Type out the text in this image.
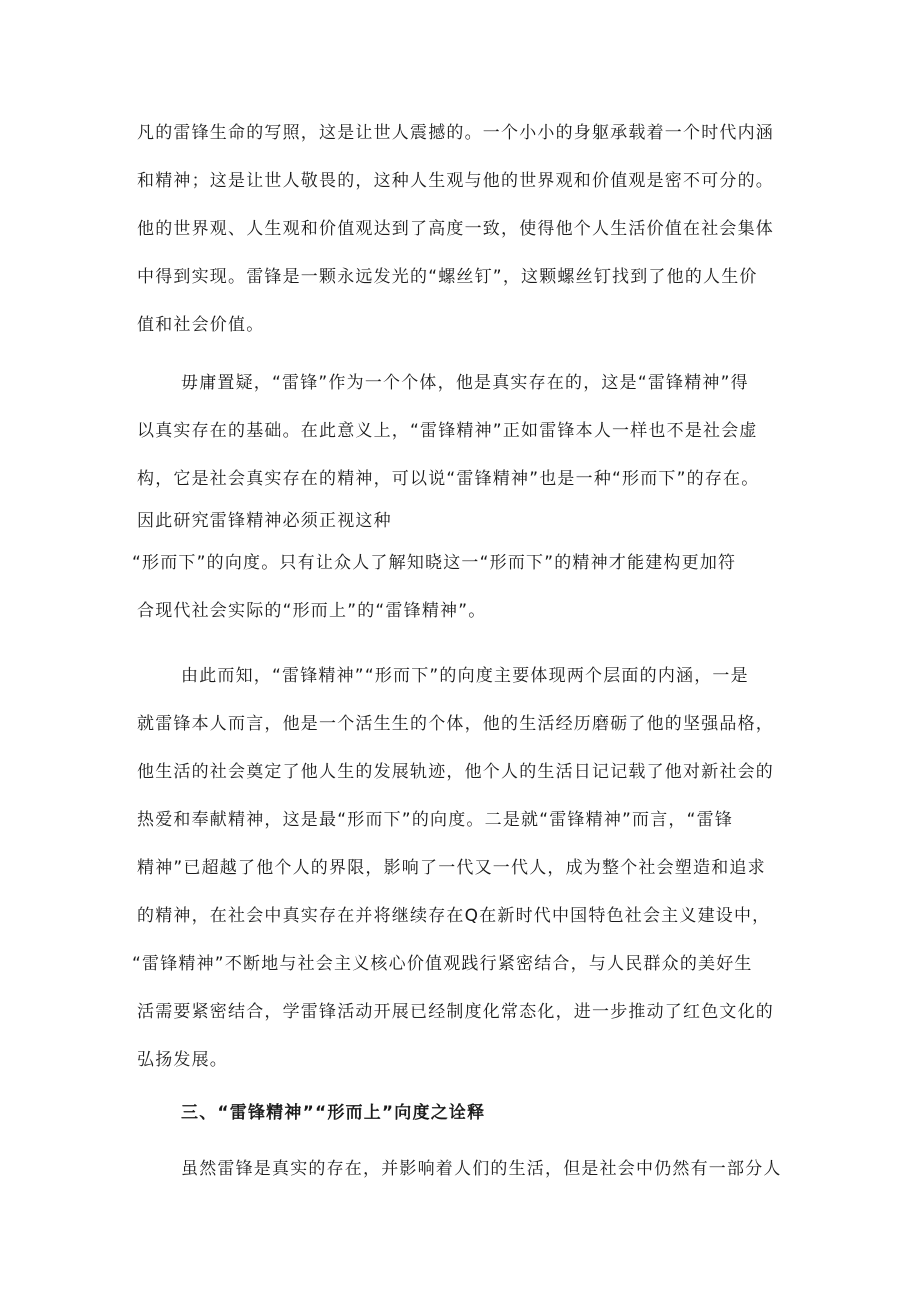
凡的雷锋生命的写照，这是让世人震撼的。一个小小的身躯承载着一个时代内涵
和精神；这是让世人敬畏的，这种人生观与他的世界观和价值观是密不可分的。
他的世界观、人生观和价值观达到了高度一致，使得他个人生活价值在社会集体
中得到实现。雷锋是一颗永远发光的“螺丝钉”，这颗螺丝钉找到了他的人生价
值和社会价值。
毋庸置疑，“雷锋”作为一个个体，他是真实存在的，这是“雷锋精神”得
以真实存在的基础。在此意义上，“雷锋精神”正如雷锋本人一样也不是社会虚
构，它是社会真实存在的精神，可以说“雷锋精神”也是一种“形而下”的存在。
因此研究雷锋精神必须正视这种
“形而下”的向度。只有让众人了解知晓这一“形而下”的精神才能建构更加符
合现代社会实际的“形而上”的“雷锋精神”。
由此而知，“雷锋精神”“形而下”的向度主要体现两个层面的内涵，一是
就雷锋本人而言，他是一个活生生的个体，他的生活经历磨砺了他的坚强品格，
他生活的社会奠定了他人生的发展轨迹，他个人的生活日记记载了他对新社会的
热爱和奉献精神，这是最“形而下”的向度。二是就“雷锋精神”而言，“雷锋
精神”已超越了他个人的界限，影响了一代又一代人，成为整个社会塑造和追求
的精神，在社会中真实存在并将继续存在Q在新时代中国特色社会主义建设中，
“雷锋精神”不断地与社会主义核心价值观践行紧密结合，与人民群众的美好生
活需要紧密结合，学雷锋活动开展已经制度化常态化，进一步推动了红色文化的
弘扬发展。
三、“雷锋精神”“形而上”向度之诠释
虽然雷锋是真实的存在，并影响着人们的生活，但是社会中仍然有一部分人
